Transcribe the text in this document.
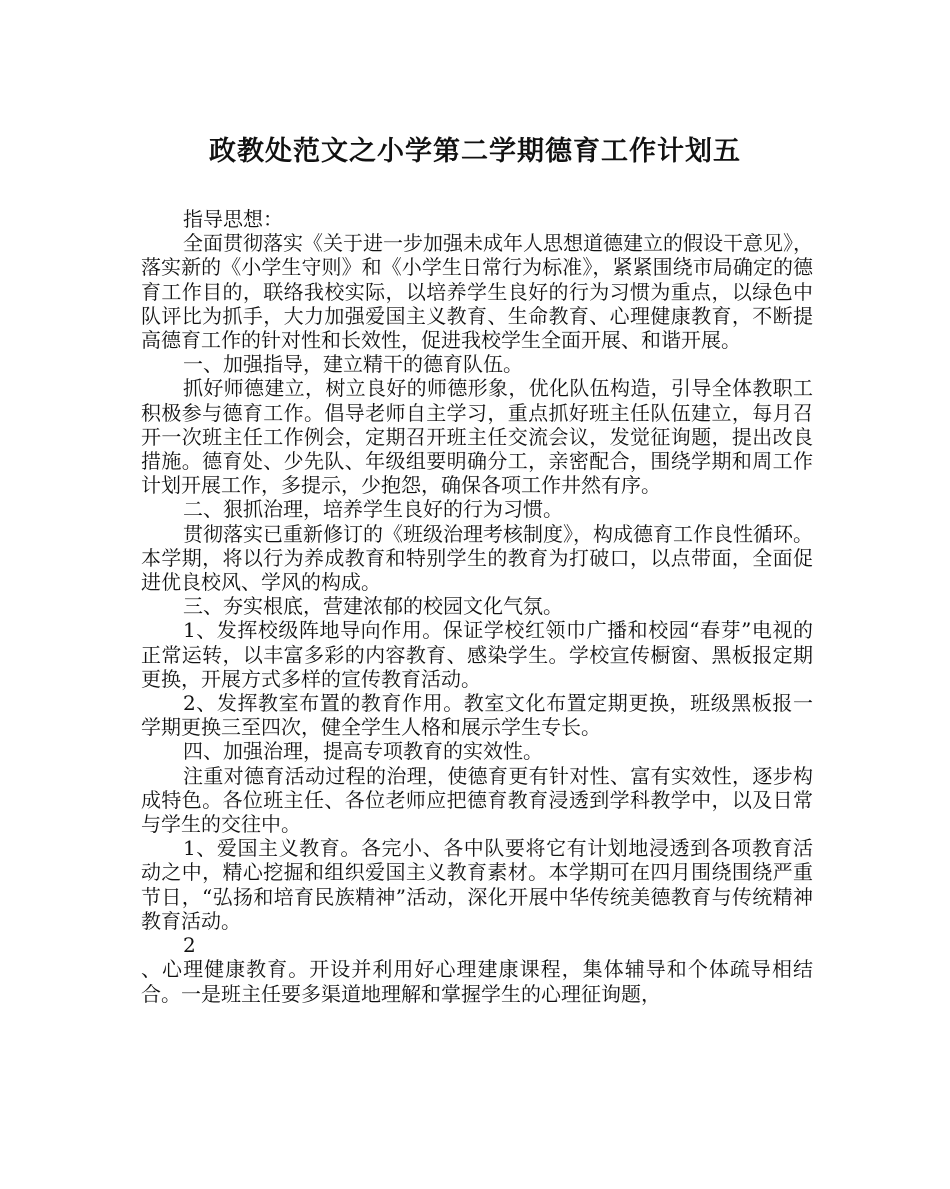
政教处范文之小学第二学期德育工作计划五

指导思想：

全面贯彻落实《关于进一步加强未成年人思想道德建立的假设干意见》，落实新的《小学生守则》和《小学生日常行为标准》，紧紧围绕市局确定的德育工作目的，联络我校实际，以培养学生良好的行为习惯为重点，以绿色中队评比为抓手，大力加强爱国主义教育、生命教育、心理健康教育，不断提高德育工作的针对性和长效性，促进我校学生全面开展、和谐开展。

一、加强指导，建立精干的德育队伍。

抓好师德建立，树立良好的师德形象，优化队伍构造，引导全体教职工积极参与德育工作。倡导老师自主学习，重点抓好班主任队伍建立，每月召开一次班主任工作例会，定期召开班主任交流会议，发觉征询题，提出改良措施。德育处、少先队、年级组要明确分工，亲密配合，围绕学期和周工作计划开展工作，多提示，少抱怨，确保各项工作井然有序。

二、狠抓治理，培养学生良好的行为习惯。

贯彻落实已重新修订的《班级治理考核制度》，构成德育工作良性循环。本学期，将以行为养成教育和特别学生的教育为打破口，以点带面，全面促进优良校风、学风的构成。

三、夯实根底，营建浓郁的校园文化气氛。

1、发挥校级阵地导向作用。保证学校红领巾广播和校园“春芽”电视的正常运转，以丰富多彩的内容教育、感染学生。学校宣传橱窗、黑板报定期更换，开展方式多样的宣传教育活动。

2、发挥教室布置的教育作用。教室文化布置定期更换，班级黑板报一学期更换三至四次，健全学生人格和展示学生专长。

四、加强治理，提高专项教育的实效性。

注重对德育活动过程的治理，使德育更有针对性、富有实效性，逐步构成特色。各位班主任、各位老师应把德育教育浸透到学科教学中，以及日常与学生的交往中。

1、爱国主义教育。各完小、各中队要将它有计划地浸透到各项教育活动之中，精心挖掘和组织爱国主义教育素材。本学期可在四月围绕围绕严重节日，“弘扬和培育民族精神”活动，深化开展中华传统美德教育与传统精神教育活动。

2

、心理健康教育。开设并利用好心理建康课程，集体辅导和个体疏导相结合。一是班主任要多渠道地理解和掌握学生的心理征询题，
